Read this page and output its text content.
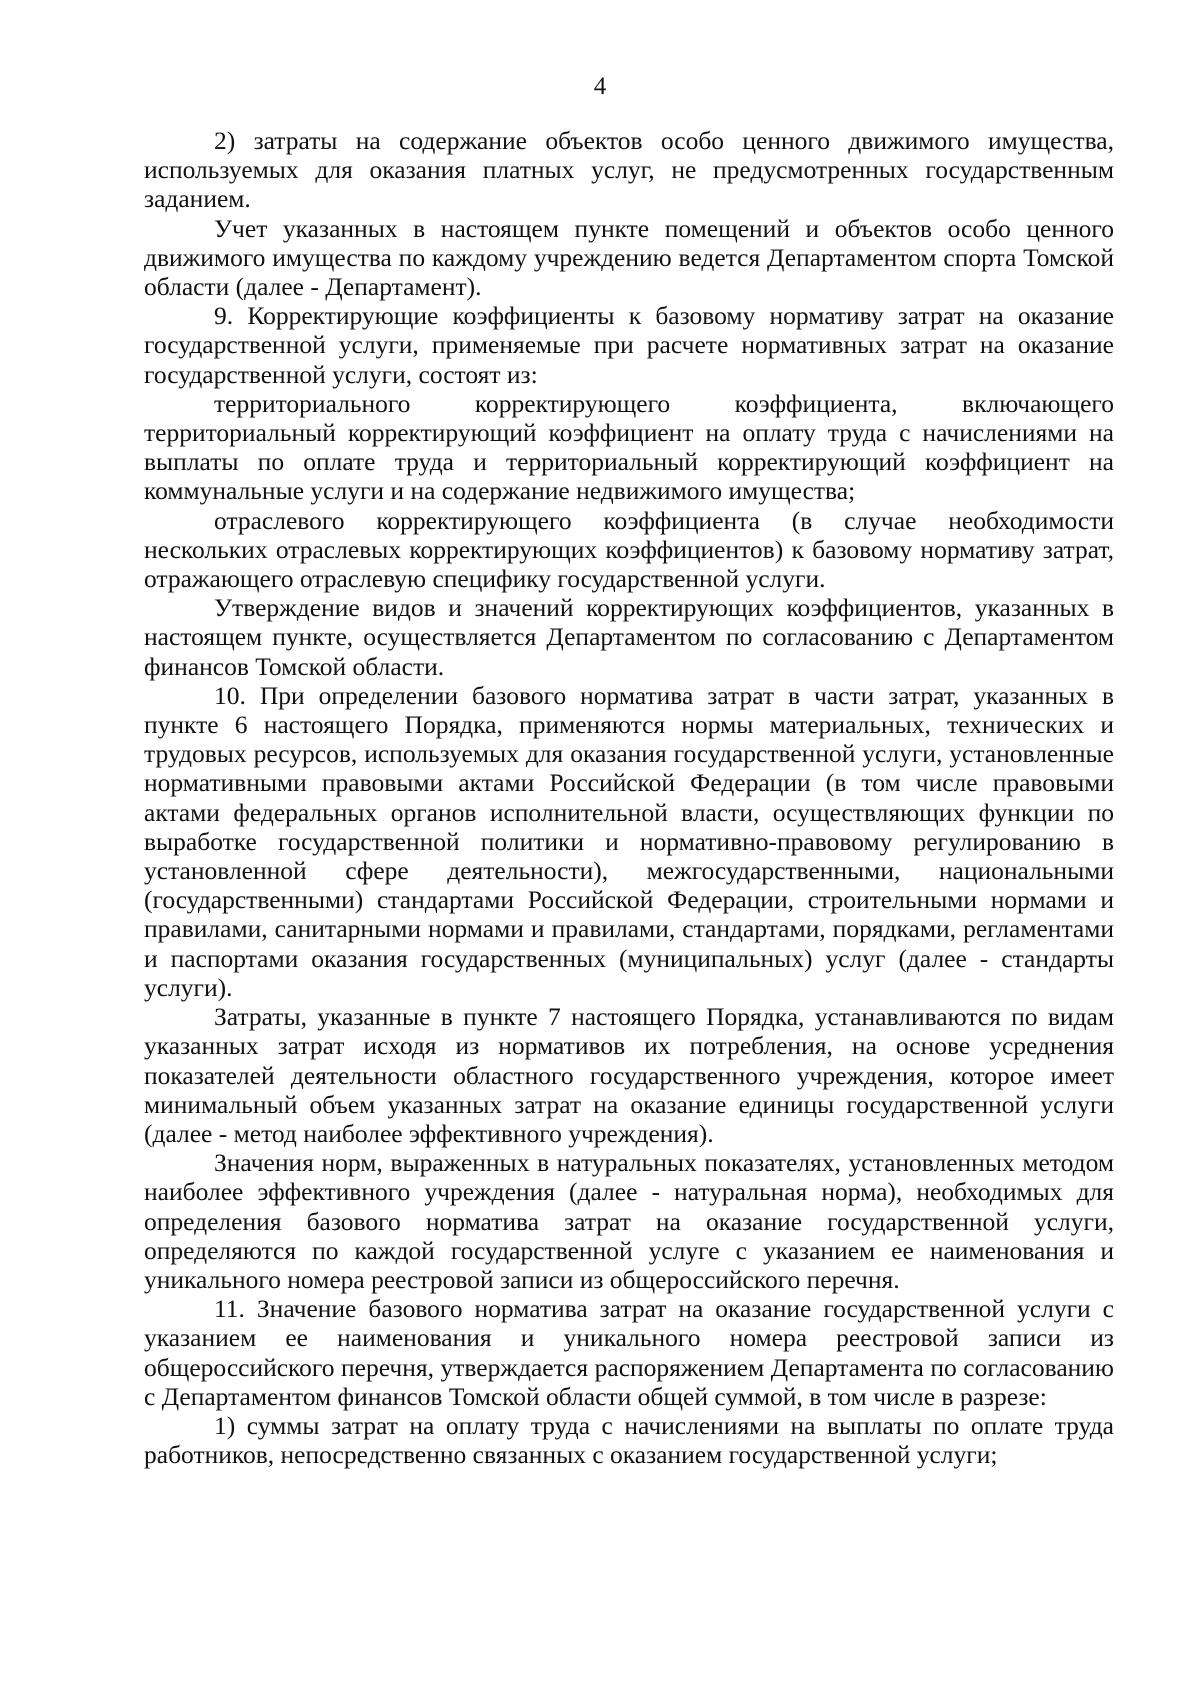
4

2) затраты на содержание объектов особо ценного движимого имущества, используемых для оказания платных услуг, не предусмотренных государственным заданием.

Учет указанных в настоящем пункте помещений и объектов особо ценного движимого имущества по каждому учреждению ведется Департаментом спорта Томской области (далее - Департамент).

9. Корректирующие коэффициенты к базовому нормативу затрат на оказание государственной услуги, применяемые при расчете нормативных затрат на оказание государственной услуги, состоят из:

территориального корректирующего коэффициента, включающего территориальный корректирующий коэффициент на оплату труда с начислениями на выплаты по оплате труда и территориальный корректирующий коэффициент на коммунальные услуги и на содержание недвижимого имущества;

отраслевого корректирующего коэффициента (в случае необходимости нескольких отраслевых корректирующих коэффициентов) к базовому нормативу затрат, отражающего отраслевую специфику государственной услуги.

Утверждение видов и значений корректирующих коэффициентов, указанных в настоящем пункте, осуществляется Департаментом по согласованию с Департаментом финансов Томской области.

10. При определении базового норматива затрат в части затрат, указанных в пункте 6 настоящего Порядка, применяются нормы материальных, технических и трудовых ресурсов, используемых для оказания государственной услуги, установленные нормативными правовыми актами Российской Федерации (в том числе правовыми актами федеральных органов исполнительной власти, осуществляющих функции по выработке государственной политики и нормативно-правовому регулированию в установленной сфере деятельности), межгосударственными, национальными (государственными) стандартами Российской Федерации, строительными нормами и правилами, санитарными нормами и правилами, стандартами, порядками, регламентами и паспортами оказания государственных (муниципальных) услуг (далее - стандарты услуги).

Затраты, указанные в пункте 7 настоящего Порядка, устанавливаются по видам указанных затрат исходя из нормативов их потребления, на основе усреднения показателей деятельности областного государственного учреждения, которое имеет минимальный объем указанных затрат на оказание единицы государственной услуги (далее - метод наиболее эффективного учреждения).

Значения норм, выраженных в натуральных показателях, установленных методом наиболее эффективного учреждения (далее - натуральная норма), необходимых для определения базового норматива затрат на оказание государственной услуги, определяются по каждой государственной услуге с указанием ее наименования и уникального номера реестровой записи из общероссийского перечня.

11. Значение базового норматива затрат на оказание государственной услуги с указанием ее наименования и уникального номера реестровой записи из общероссийского перечня, утверждается распоряжением Департамента по согласованию с Департаментом финансов Томской области общей суммой, в том числе в разрезе:

1) суммы затрат на оплату труда с начислениями на выплаты по оплате труда работников, непосредственно связанных с оказанием государственной услуги;
